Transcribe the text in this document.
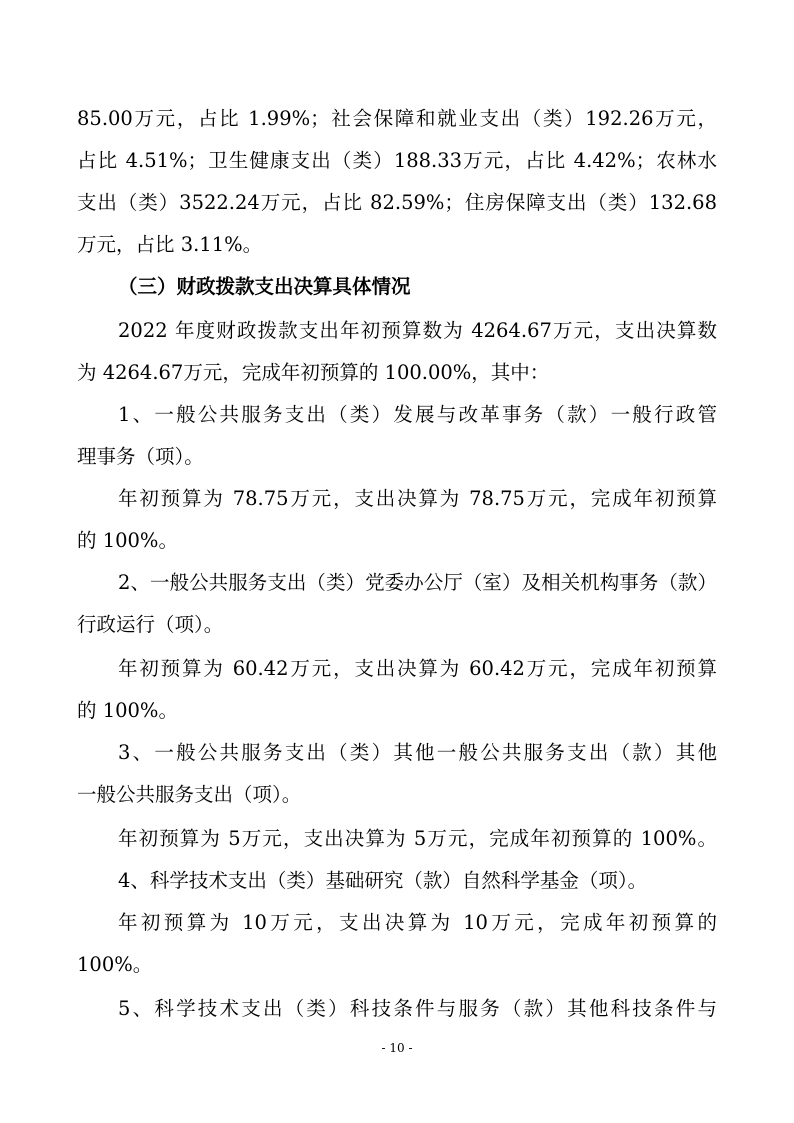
85.00万元，占比 1.99%；社会保障和就业支出（类）192.26万元，
占比 4.51%；卫生健康支出（类）188.33万元，占比 4.42%；农林水
支出（类）3522.24万元，占比 82.59%；住房保障支出（类）132.68
万元，占比 3.11%。
（三）财政拨款支出决算具体情况
2022 年度财政拨款支出年初预算数为 4264.67万元，支出决算数
为 4264.67万元，完成年初预算的 100.00%，其中：
1、一般公共服务支出（类）发展与改革事务（款）一般行政管
理事务（项）。
年初预算为 78.75万元，支出决算为 78.75万元，完成年初预算
的 100%。
2、一般公共服务支出（类）党委办公厅（室）及相关机构事务（款）
行政运行（项）。
年初预算为 60.42万元，支出决算为 60.42万元，完成年初预算
的 100%。
3、一般公共服务支出（类）其他一般公共服务支出（款）其他
一般公共服务支出（项）。
年初预算为 5万元，支出决算为 5万元，完成年初预算的 100%。
4、科学技术支出（类）基础研究（款）自然科学基金（项）。
年初预算为 10万元，支出决算为 10万元，完成年初预算的
100%。
5、科学技术支出（类）科技条件与服务（款）其他科技条件与
- 10 -
